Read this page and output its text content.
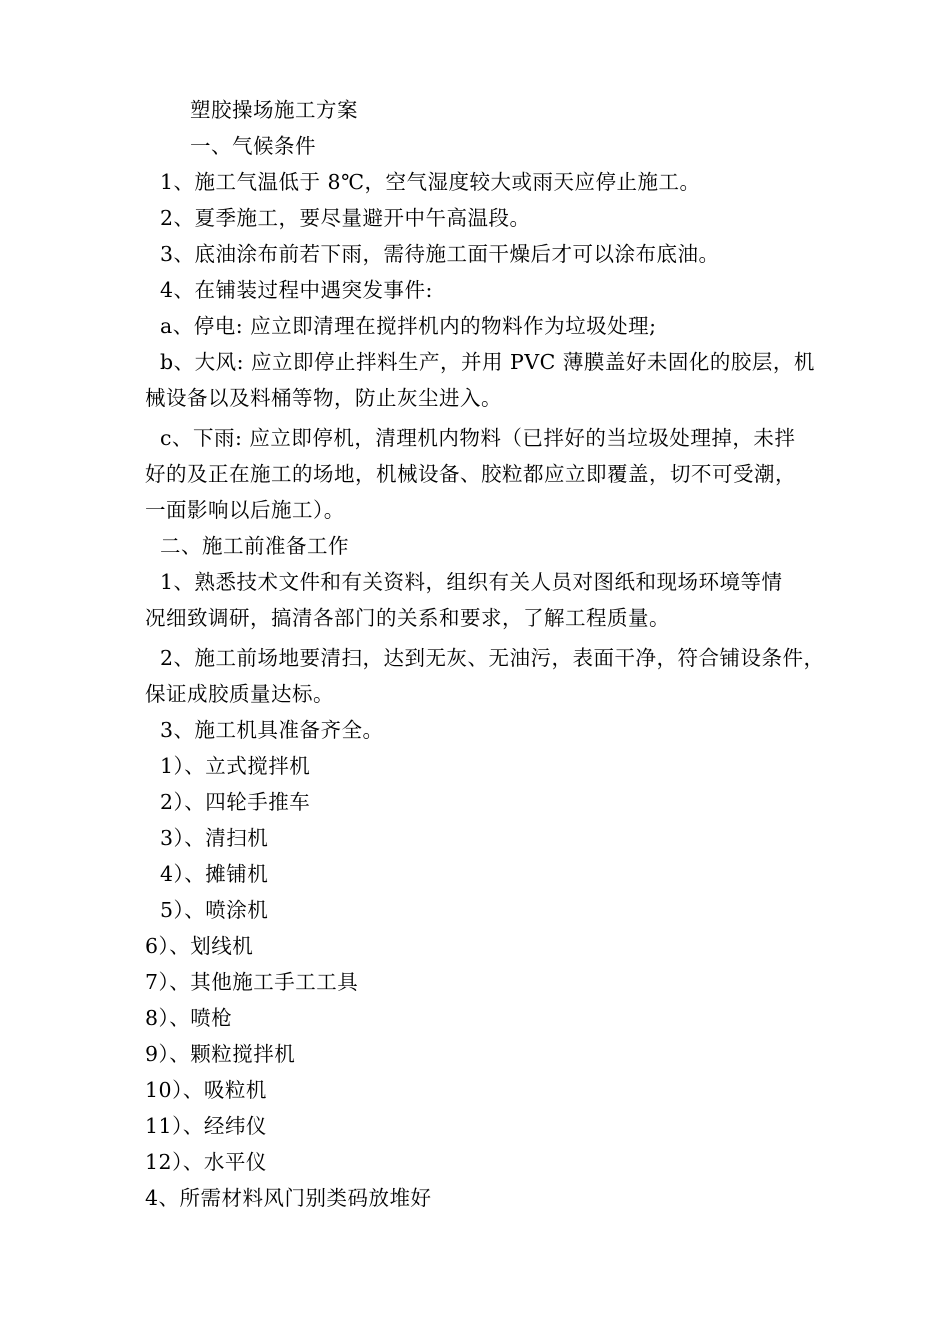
塑胶操场施工方案
一、气候条件
1、施工气温低于 8℃，空气湿度较大或雨天应停止施工。
2、夏季施工，要尽量避开中午高温段。
3、底油涂布前若下雨，需待施工面干燥后才可以涂布底油。
4、在铺装过程中遇突发事件:
a、停电: 应立即清理在搅拌机内的物料作为垃圾处理;
b、大风: 应立即停止拌料生产，并用 PVC 薄膜盖好未固化的胶层，机
械设备以及料桶等物，防止灰尘进入。
c、下雨: 应立即停机，清理机内物料（已拌好的当垃圾处理掉，未拌
好的及正在施工的场地，机械设备、胶粒都应立即覆盖，切不可受潮，
一面影响以后施工）。
二、施工前准备工作
1、熟悉技术文件和有关资料，组织有关人员对图纸和现场环境等情
况细致调研，搞清各部门的关系和要求，了解工程质量。
2、施工前场地要清扫，达到无灰、无油污，表面干净，符合铺设条件，
保证成胶质量达标。
3、施工机具准备齐全。
1）、立式搅拌机
2）、四轮手推车
3）、清扫机
4）、摊铺机
5）、喷涂机
6）、划线机
7）、其他施工手工工具
8）、喷枪
9）、颗粒搅拌机
10）、吸粒机
11）、经纬仪
12）、水平仪
4、所需材料风门别类码放堆好
